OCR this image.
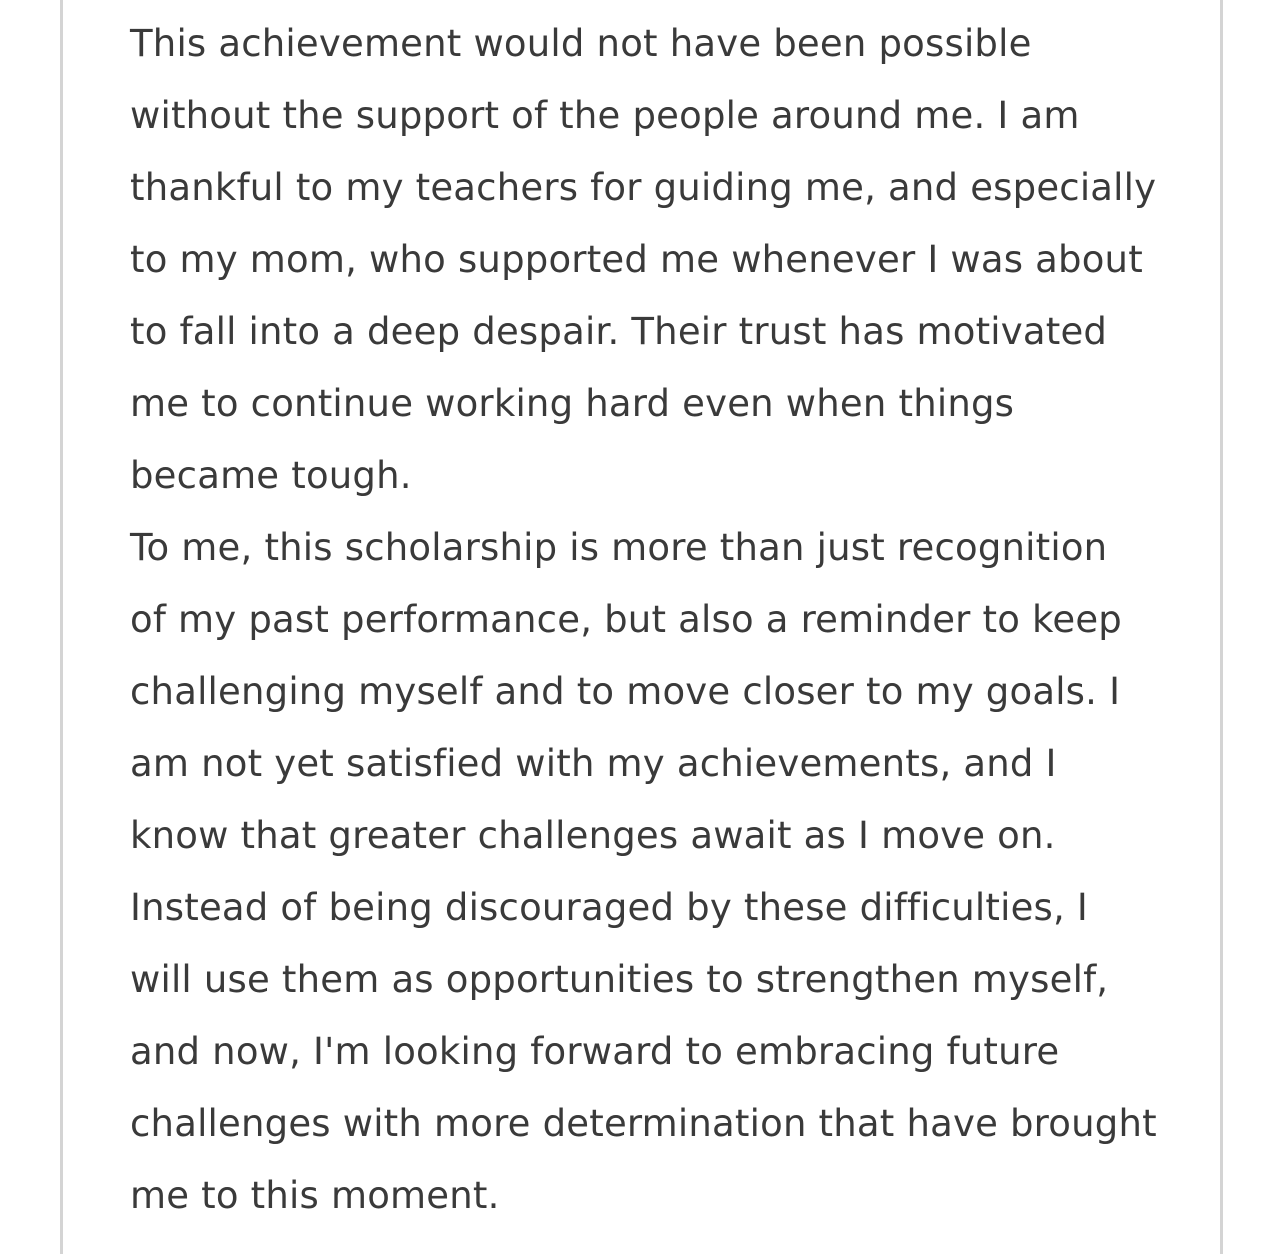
This achievement would not have been possible
without the support of the people around me. I am
thankful to my teachers for guiding me, and especially
to my mom, who supported me whenever I was about
to fall into a deep despair. Their trust has motivated
me to continue working hard even when things
became tough.
To me, this scholarship is more than just recognition
of my past performance, but also a reminder to keep
challenging myself and to move closer to my goals. I
am not yet satisfied with my achievements, and I
know that greater challenges await as I move on.
Instead of being discouraged by these difficulties, I
will use them as opportunities to strengthen myself,
and now, I'm looking forward to embracing future
challenges with more determination that have brought
me to this moment.
